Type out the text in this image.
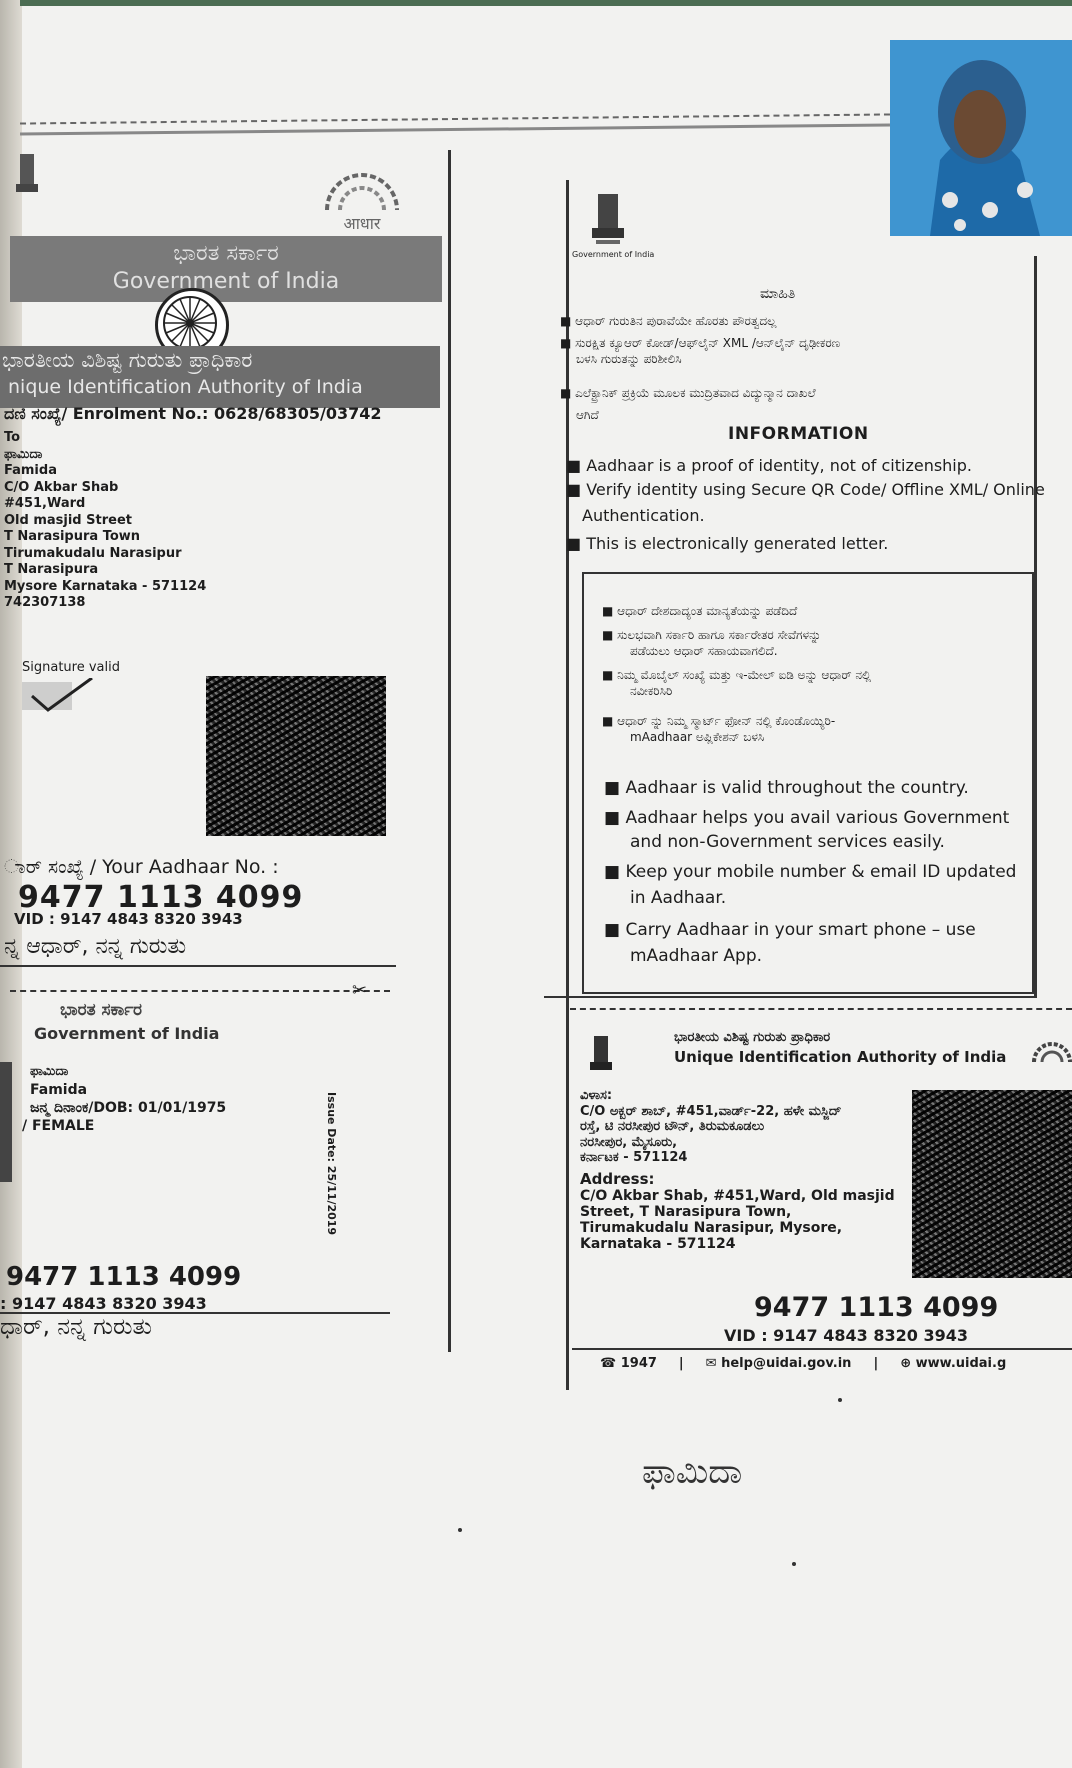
आधार
ಭಾರತ ಸರ್ಕಾರ
Government of India
ಭಾರತೀಯ ವಿಶಿಷ್ಟ ಗುರುತು ಪ್ರಾಧಿಕಾರ
nique Identification Authority of India
ದಣಿ ಸಂಖ್ಯೆ/ Enrolment No.: 0628/68305/03742
To
ಫಾಮಿದಾ
Famida
C/O Akbar Shab
#451,Ward
Old masjid Street
T Narasipura Town
Tirumakudalu Narasipur
T Narasipura
Mysore Karnataka - 571124
742307138
Signature valid
ಾರ್ ಸಂಖ್ಯೆ / Your Aadhaar No. :
9477 1113 4099
VID : 9147 4843 8320 3943
ನ್ನ ಆಧಾರ್, ನನ್ನ ಗುರುತು
✂
ಭಾರತ ಸರ್ಕಾರ
Government of India
ಫಾಮಿದಾ
Famida
ಜನ್ಮ ದಿನಾಂಕ/DOB: 01/01/1975
/ FEMALE	Issue Date: 25/11/2019
9477 1113 4099
: 9147 4843 8320 3943
ಧಾರ್, ನನ್ನ ಗುರುತು
Government of India
ಮಾಹಿತಿ
■ ಆಧಾರ್ ಗುರುತಿನ ಪುರಾವೆಯೇ ಹೊರತು ಪೌರತ್ವದಲ್ಲ
■ ಸುರಕ್ಷಿತ ಕ್ಯೂಆರ್ ಕೋಡ್/ಆಫ್‌ಲೈನ್ XML /ಆನ್‌ಲೈನ್ ದೃಢೀಕರಣ
ಬಳಸಿ ಗುರುತನ್ನು ಪರಿಶೀಲಿಸಿ
■ ಎಲೆಕ್ಟ್ರಾನಿಕ್ ಪ್ರಕ್ರಿಯೆ ಮೂಲಕ ಮುದ್ರಿತವಾದ ವಿದ್ಯುನ್ಮಾನ ದಾಖಲೆ
ಆಗಿದೆ
INFORMATION
■ Aadhaar is a proof of identity, not of citizenship.
■ Verify identity using Secure QR Code/ Offline XML/ Online
Authentication.
■ This is electronically generated letter.
■ ಆಧಾರ್ ದೇಶದಾದ್ಯಂತ ಮಾನ್ಯತೆಯನ್ನು ಪಡೆದಿದೆ
■ ಸುಲಭವಾಗಿ ಸರ್ಕಾರಿ ಹಾಗೂ ಸರ್ಕಾರೇತರ ಸೇವೆಗಳನ್ನು
ಪಡೆಯಲು ಆಧಾರ್ ಸಹಾಯವಾಗಲಿದೆ.
■ ನಿಮ್ಮ ಮೊಬೈಲ್ ಸಂಖ್ಯೆ ಮತ್ತು ಇ-ಮೇಲ್ ಐಡಿ ಅನ್ನು ಆಧಾರ್ ನಲ್ಲಿ
ನವೀಕರಿಸಿರಿ
■ ಆಧಾರ್ ನ್ನು ನಿಮ್ಮ ಸ್ಮಾರ್ಟ್ ಫೋನ್ ನಲ್ಲಿ ಕೊಂಡೊಯ್ಯಿರಿ-
mAadhaar ಅಪ್ಲಿಕೇಶನ್ ಬಳಸಿ
■ Aadhaar is valid throughout the country.
■ Aadhaar helps you avail various Government
and non-Government services easily.
■ Keep your mobile number & email ID updated
in Aadhaar.
■ Carry Aadhaar in your smart phone – use
mAadhaar App.
ಭಾರತೀಯ ವಿಶಿಷ್ಟ ಗುರುತು ಪ್ರಾಧಿಕಾರ
Unique Identification Authority of India
ವಿಳಾಸ:
C/O ಅಕ್ಬರ್ ಶಾಬ್, #451,ವಾರ್ಡ್-22, ಹಳೇ ಮಸ್ಜಿದ್
ರಸ್ತೆ, ಟಿ ನರಸೀಪುರ ಟೌನ್, ತಿರುಮಕೂಡಲು
ನರಸೀಪುರ, ಮೈಸೂರು,
ಕರ್ನಾಟಕ - 571124
Address:
C/O Akbar Shab, #451,Ward, Old masjid
Street, T Narasipura Town,
Tirumakudalu Narasipur, Mysore,
Karnataka - 571124
9477 1113 4099
VID : 9147 4843 8320 3943
☎ 1947 | ✉ help@uidai.gov.in | ⊕ www.uidai.g
ಫಾಮಿದಾ
